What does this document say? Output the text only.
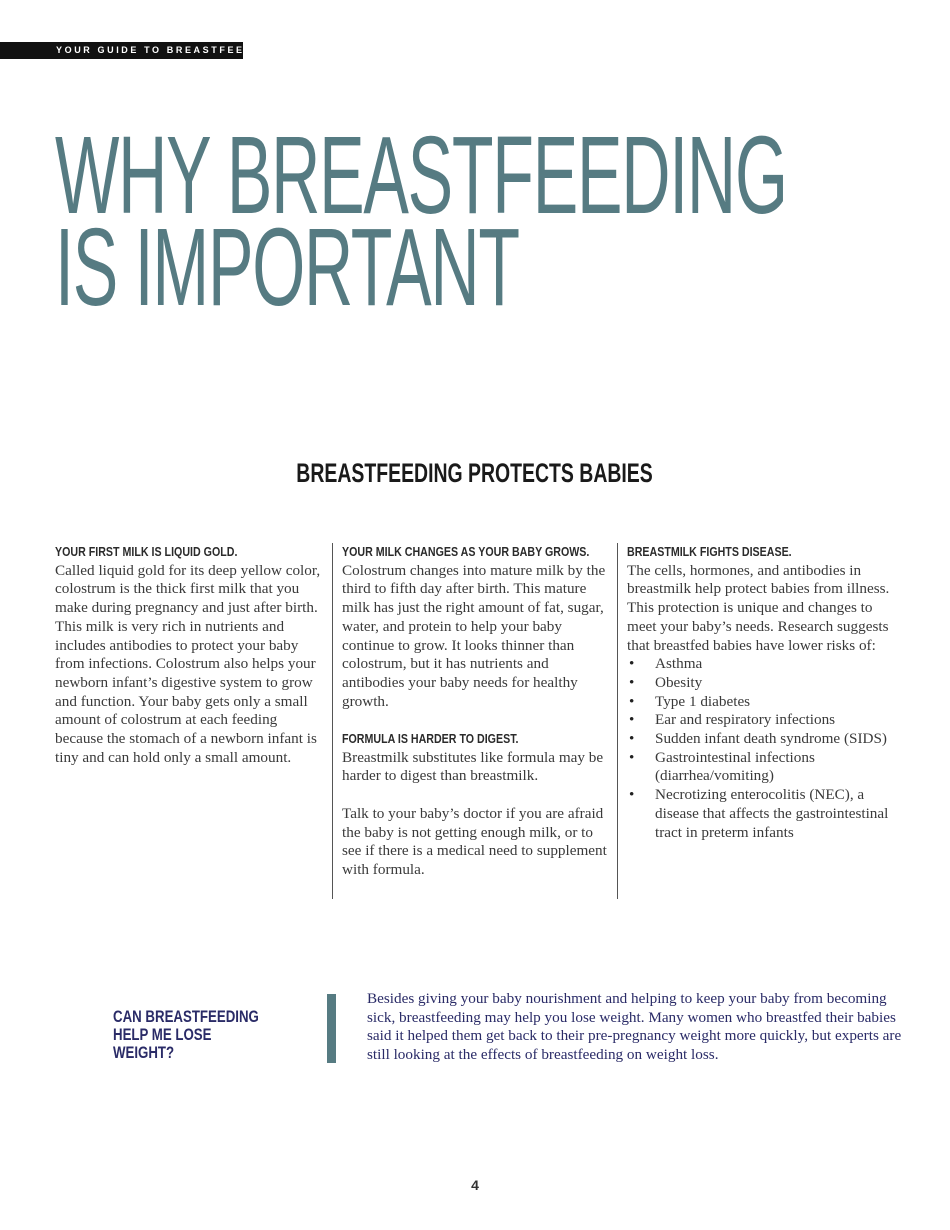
YOUR GUIDE TO BREASTFEEDING
WHY BREASTFEEDING
IS IMPORTANT
BREASTFEEDING PROTECTS BABIES
YOUR FIRST MILK IS LIQUID GOLD.

Called liquid gold for its deep yellow color, colostrum is the thick first milk that you make during pregnancy and just after birth. This milk is very rich in nutrients and includes antibodies to protect your baby from infections. Colostrum also helps your newborn infant’s digestive system to grow and function. Your baby gets only a small amount of colostrum at each feeding because the stomach of a newborn infant is tiny and can hold only a small amount.

YOUR MILK CHANGES AS YOUR BABY GROWS.

Colostrum changes into mature milk by the third to fifth day after birth. This mature milk has just the right amount of fat, sugar, water, and protein to help your baby continue to grow. It looks thinner than colostrum, but it has nutrients and antibodies your baby needs for healthy growth.

FORMULA IS HARDER TO DIGEST.

Breastmilk substitutes like formula may be harder to digest than breastmilk.

Talk to your baby’s doctor if you are afraid the baby is not getting enough milk, or to see if there is a medical need to supplement with formula.

BREASTMILK FIGHTS DISEASE.

The cells, hormones, and antibodies in breastmilk help protect babies from illness. This protection is unique and changes to meet your baby’s needs. Research suggests that breastfed babies have lower risks of:

• Asthma
• Obesity
• Type 1 diabetes
• Ear and respiratory infections
• Sudden infant death syndrome (SIDS)
• Gastrointestinal infections (diarrhea/vomiting)
• Necrotizing enterocolitis (NEC), a disease that affects the gastrointestinal tract in preterm infants
CAN BREASTFEEDING HELP ME LOSE WEIGHT?

Besides giving your baby nourishment and helping to keep your baby from becoming sick, breastfeeding may help you lose weight. Many women who breastfed their babies said it helped them get back to their pre-pregnancy weight more quickly, but experts are still looking at the effects of breastfeeding on weight loss.

4
